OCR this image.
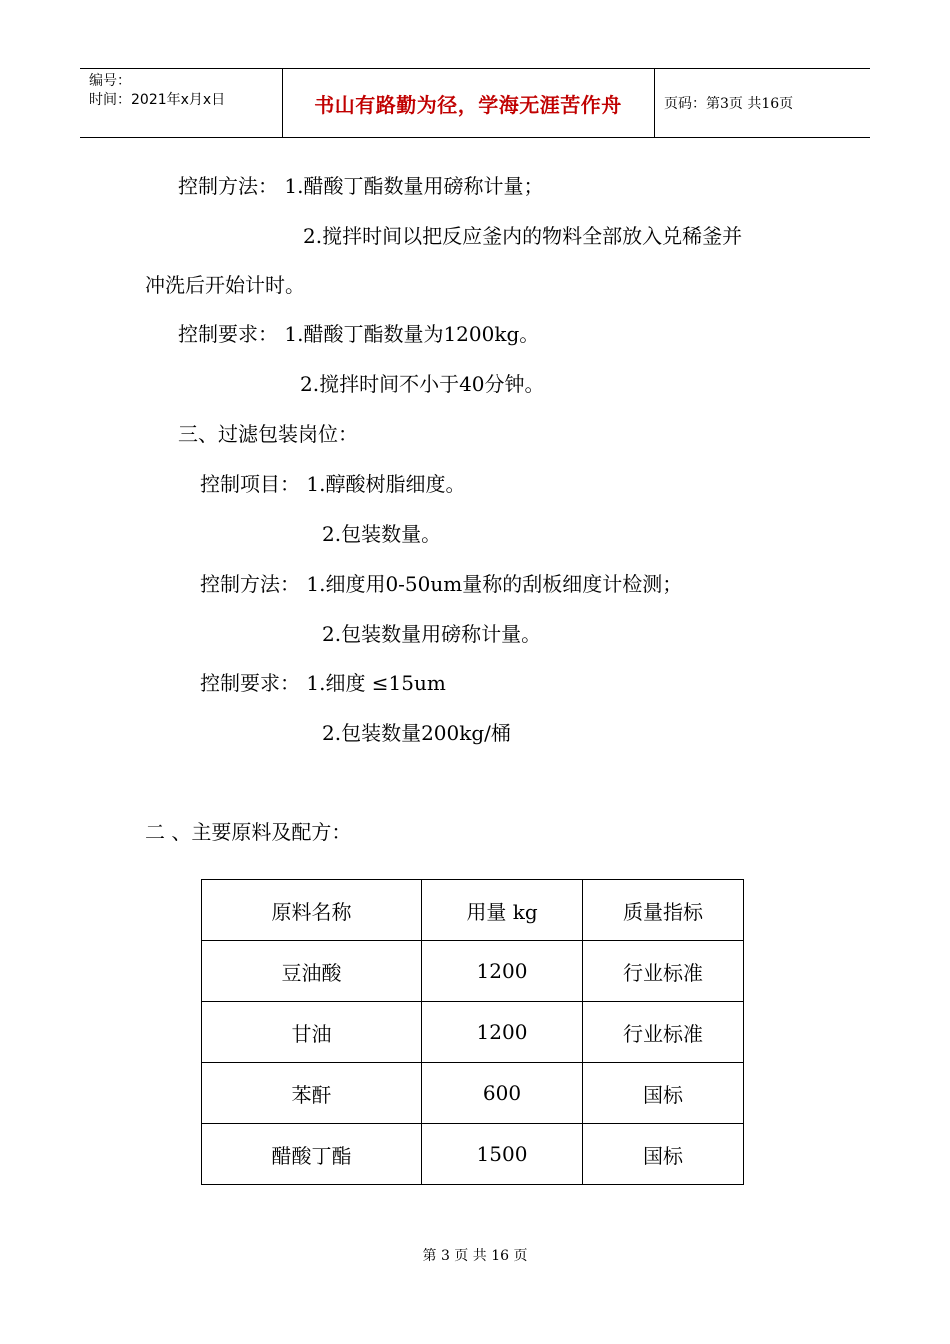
编号：
时间：2021年x月x日	书山有路勤为径，学海无涯苦作舟	页码：第3页 共16页
控制方法： 1.醋酸丁酯数量用磅称计量；
2.搅拌时间以把反应釜内的物料全部放入兑稀釜并
冲洗后开始计时。
控制要求： 1.醋酸丁酯数量为1200kg。
2.搅拌时间不小于40分钟。
三、过滤包装岗位：
控制项目： 1.醇酸树脂细度。
2.包装数量。
控制方法： 1.细度用0-50um量称的刮板细度计检测；
2.包装数量用磅称计量。
控制要求： 1.细度 ≤15um
2.包装数量200kg/桶
二 、主要原料及配方：
原料名称	用量 kg	质量指标
豆油酸	1200	行业标准
甘油	1200	行业标准
苯酐	600	国标
醋酸丁酯	1500	国标
第 3 页 共 16 页
